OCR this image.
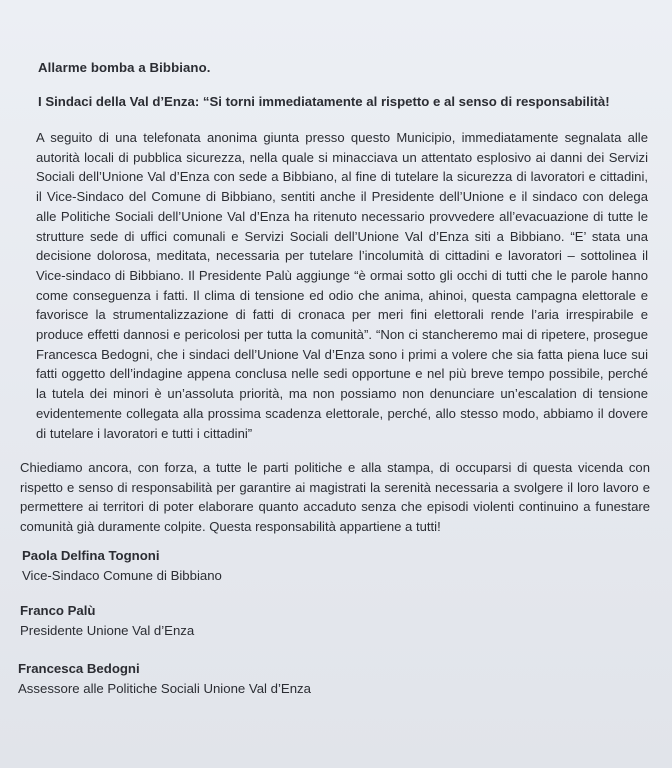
Allarme bomba a Bibbiano.
I Sindaci della Val d’Enza: “Si torni immediatamente al rispetto e al senso di responsabilità!
A seguito di una telefonata anonima giunta presso questo Municipio, immediatamente segnalata alle autorità locali di pubblica sicurezza, nella quale si minacciava un attentato esplosivo ai danni dei Servizi Sociali dell’Unione Val d’Enza con sede a Bibbiano, al fine di tutelare la sicurezza di lavoratori e cittadini, il Vice-Sindaco del Comune di Bibbiano, sentiti anche il Presidente dell’Unione e il sindaco con delega alle Politiche Sociali dell’Unione Val d’Enza ha ritenuto necessario provvedere all’evacuazione di tutte le strutture sede di uffici comunali e Servizi Sociali dell’Unione Val d’Enza siti a Bibbiano. “E’ stata una decisione dolorosa, meditata, necessaria per tutelare l’incolumità di cittadini e lavoratori – sottolinea il Vice-sindaco di Bibbiano. Il Presidente Palù aggiunge “è ormai sotto gli occhi di tutti che le parole hanno come conseguenza i fatti. Il clima di tensione ed odio che anima, ahinoi, questa campagna elettorale e favorisce la strumentalizzazione di fatti di cronaca per meri fini elettorali rende l’aria irrespirabile e produce effetti dannosi e pericolosi per tutta la comunità”. “Non ci stancheremo mai di ripetere, prosegue Francesca Bedogni, che i sindaci dell’Unione Val d’Enza sono i primi a volere che sia fatta piena luce sui fatti oggetto dell’indagine appena conclusa nelle sedi opportune e nel più breve tempo possibile, perché la tutela dei minori è un’assoluta priorità, ma non possiamo non denunciare un’escalation di tensione evidentemente collegata alla prossima scadenza elettorale, perché, allo stesso modo, abbiamo il dovere di tutelare i lavoratori e tutti i cittadini”
Chiediamo ancora, con forza, a tutte le parti politiche e alla stampa, di occuparsi di questa vicenda con rispetto e senso di responsabilità per garantire ai magistrati la serenità necessaria a svolgere il loro lavoro e permettere ai territori di poter elaborare quanto accaduto senza che episodi violenti continuino a funestare comunità già duramente colpite. Questa responsabilità appartiene a tutti!
Paola Delfina Tognoni
Vice-Sindaco Comune di Bibbiano
Franco Palù
Presidente Unione Val d’Enza
Francesca Bedogni
Assessore alle Politiche Sociali Unione Val d’Enza
